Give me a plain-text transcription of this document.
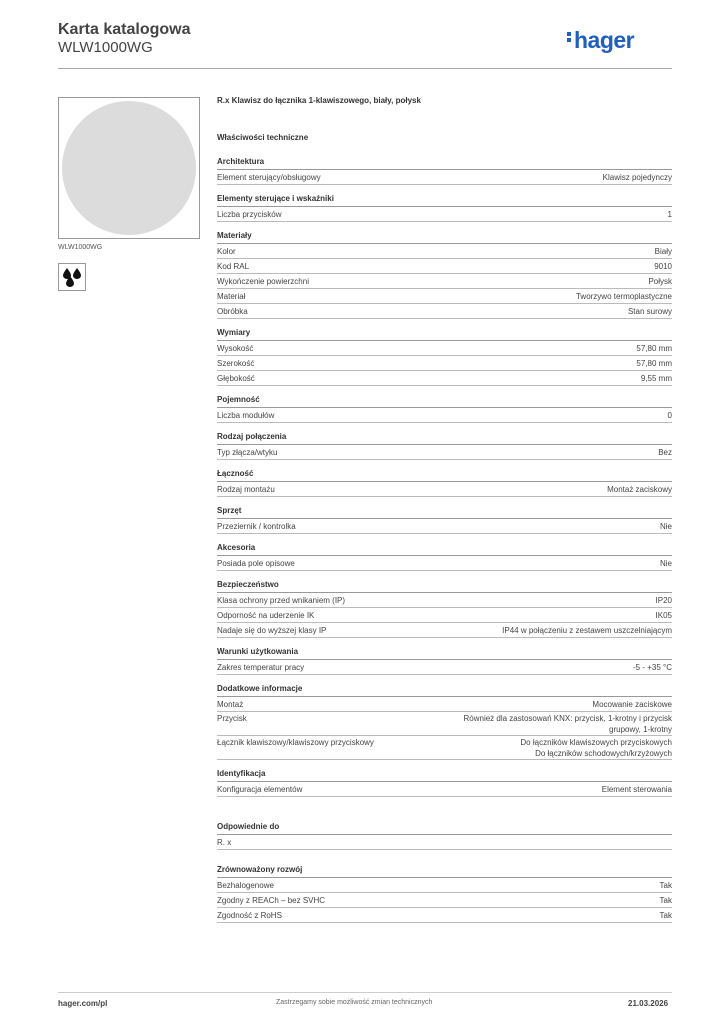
Karta katalogowa
WLW1000WG	hager
WLW1000WG
R.x Klawisz do łącznika 1-klawiszowego, biały, połysk
Właściwości techniczne
Architektura
Element sterujący/obsługowy	Klawisz pojedynczy
Elementy sterujące i wskaźniki
Liczba przycisków	1
Materiały
Kolor	Biały
Kod RAL	9010
Wykończenie powierzchni	Połysk
Materiał	Tworzywo termoplastyczne
Obróbka	Stan surowy
Wymiary
Wysokość	57,80 mm
Szerokość	57,80 mm
Głębokość	9,55 mm
Pojemność
Liczba modułów	0
Rodzaj połączenia
Typ złącza/wtyku	Bez
Łączność
Rodzaj montażu	Montaż zaciskowy
Sprzęt
Przeziernik / kontrolka	Nie
Akcesoria
Posiada pole opisowe	Nie
Bezpieczeństwo
Klasa ochrony przed wnikaniem (IP)	IP20
Odporność na uderzenie IK	IK05
Nadaje się do wyższej klasy IP	IP44 w połączeniu z zestawem uszczelniającym
Warunki użytkowania
Zakres temperatur pracy	-5 - +35 °C
Dodatkowe informacje
Montaż	Mocowanie zaciskowe
Przycisk	Również dla zastosowań KNX: przycisk, 1-krotny i przycisk
grupowy, 1-krotny
Łącznik klawiszowy/klawiszowy przyciskowy	Do łączników klawiszowych przyciskowych
Do łączników schodowych/krzyżowych
Identyfikacja
Konfiguracja elementów	Element sterowania
Odpowiednie do
R. x
Zrównoważony rozwój
Bezhalogenowe	Tak
Zgodny z REACh – bez SVHC	Tak
Zgodność z RoHS	Tak
hager.com/pl	Zastrzegamy sobie możliwość zmian technicznych	21.03.2026
